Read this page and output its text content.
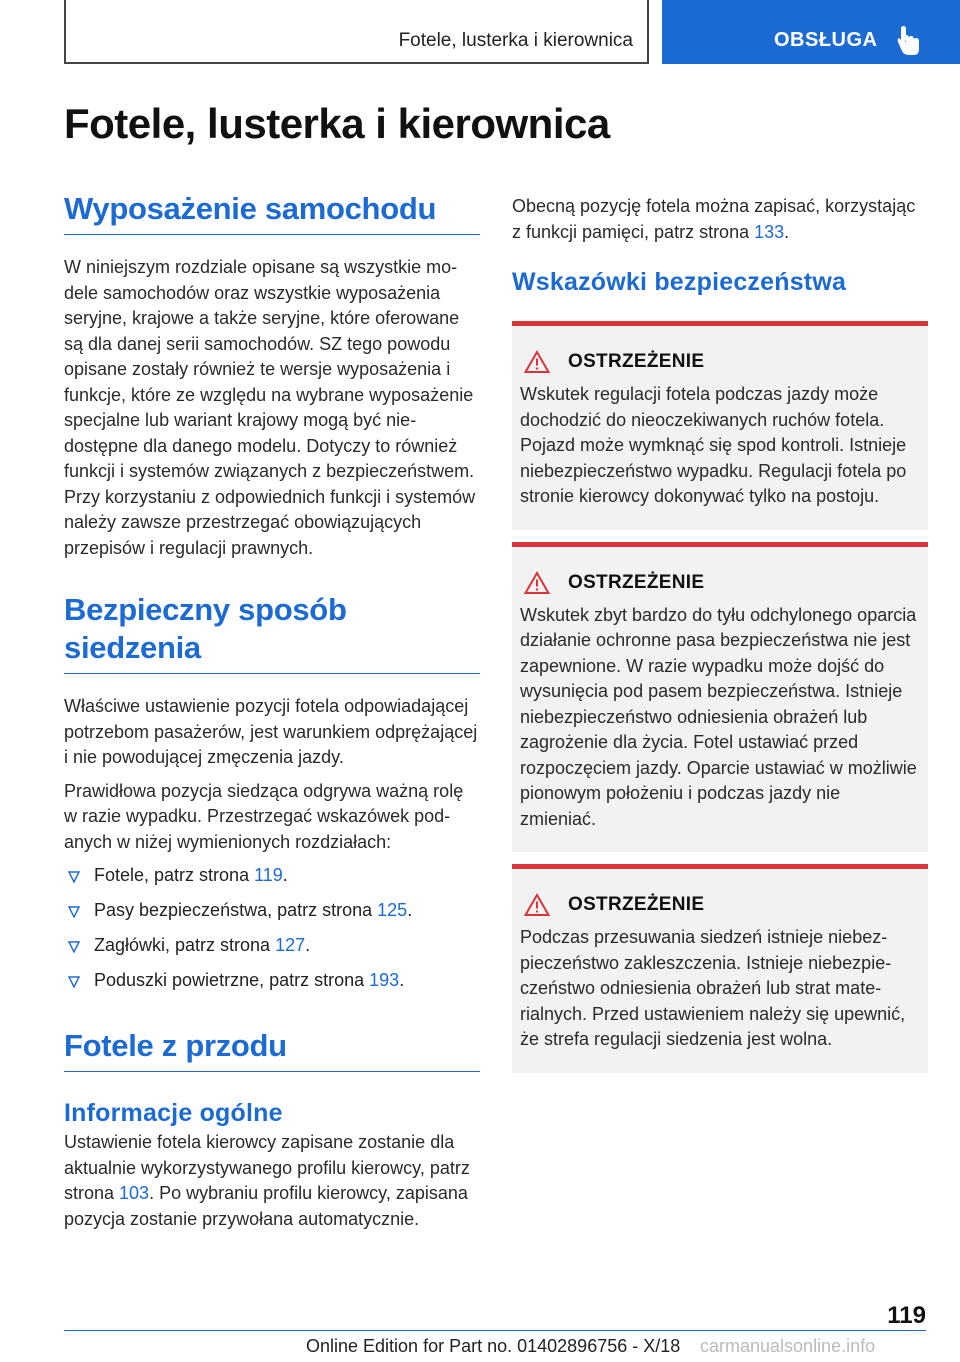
Fotele, lusterka i kierownica	OBSŁUGA
Fotele, lusterka i kierownica
Wyposażenie samochodu

W niniejszym rozdziale opisane są wszystkie modele samochodów oraz wszystkie wyposażenia seryjne, krajowe a także seryjne, które oferowane są dla danej serii samochodów. SZ tego powodu opisane zostały również te wersje wyposażenia i funkcje, które ze względu na wybrane wyposażenie specjalne lub wariant krajowy mogą być niedostępne dla danego modelu. Dotyczy to również funkcji i systemów związanych z bezpieczeństwem. Przy korzystaniu z odpowiednich funkcji i systemów należy zawsze przestrzegać obowiązujących przepisów i regulacji prawnych.

Bezpieczny sposób siedzenia

Właściwe ustawienie pozycji fotela odpowiadającej potrzebom pasażerów, jest warunkiem odprężającej i nie powodującej zmęczenia jazdy.

Prawidłowa pozycja siedząca odgrywa ważną rolę w razie wypadku. Przestrzegać wskazówek podanych w niżej wymienionych rozdziałach:

Fotele, patrz strona 119.
Pasy bezpieczeństwa, patrz strona 125.
Zagłówki, patrz strona 127.
Poduszki powietrzne, patrz strona 193.
Fotele z przodu
Informacje ogólne

Ustawienie fotela kierowcy zapisane zostanie dla aktualnie wykorzystywanego profilu kierowcy, patrz strona 103. Po wybraniu profilu kierowcy, zapisana pozycja zostanie przywołana automatycznie.

Obecną pozycję fotela można zapisać, korzystając z funkcji pamięci, patrz strona 133.

Wskazówki bezpieczeństwa
OSTRZEŻENIE

Wskutek regulacji fotela podczas jazdy może dochodzić do nieoczekiwanych ruchów fotela. Pojazd może wymknąć się spod kontroli. Istnieje niebezpieczeństwo wypadku. Regulacji fotela po stronie kierowcy dokonywać tylko na postoju.

OSTRZEŻENIE

Wskutek zbyt bardzo do tyłu odchylonego oparcia działanie ochronne pasa bezpieczeństwa nie jest zapewnione. W razie wypadku może dojść do wysunięcia pod pasem bezpieczeństwa. Istnieje niebezpieczeństwo odniesienia obrażeń lub zagrożenie dla życia. Fotel ustawiać przed rozpoczęciem jazdy. Oparcie ustawiać w możliwie pionowym położeniu i podczas jazdy nie zmieniać.

OSTRZEŻENIE

Podczas przesuwania siedzeń istnieje niebezpieczeństwo zakleszczenia. Istnieje niebezpieczeństwo odniesienia obrażeń lub strat materialnych. Przed ustawieniem należy się upewnić, że strefa regulacji siedzenia jest wolna.

119
Online Edition for Part no. 01402896756 - X/18 carmanualsonline.info
